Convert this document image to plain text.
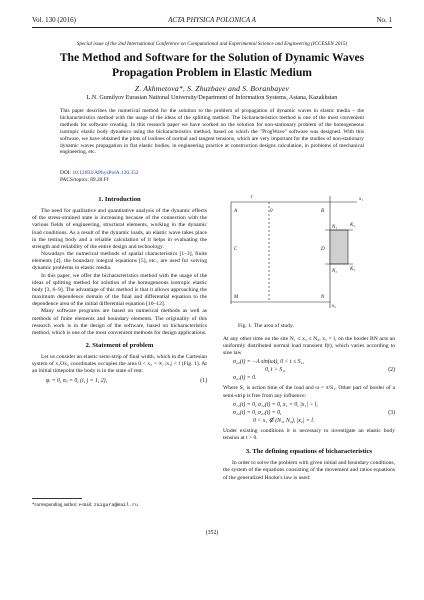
Vol. 130 (2016)	ACTA PHYSICA POLONICA A	No. 1
Special issue of the 2nd International Conference on Computational and Experimental Science and Engineering (ICCESEN 2015)
The Method and Software for the Solution of Dynamic Waves
Propagation Problem in Elastic Medium
Z. Akhmetova*, S. Zhuzbaev and S. Boranbayev
L.N. Gumilyov Eurasian National University/Department of Information Systems, Astana, Kazakhstan
This paper describes the numerical method for the solution to the problem of propagation of dynamic waves in elastic media – the bicharacteristics method with the usage of the ideas of the splitting method. The bicharacteristics method is one of the most convenient methods for software creating. In this research paper we have worked on the solution for non-stationary problem of the homogeneous isotropic elastic body dynamics using the bicharacteristics method, based on which the "ProgWave" software was designed. With this software, we have obtained the plots of isolines of normal and tangent tensions, which are very important for the studies of non-stationary dynamic waves propagation in flat elastic bodies, in engineering practice at construction designs calculation, in problems of mechanical engineering, etc.
DOI: 10.12693/APhysPolA.130.352
PACS/topics: 89.20.Ff
1. Introduction

The need for qualitative and quantitative analysis of the dynamic effects of the stress-strained state is increasing because of the connection with the various fields of engineering, structural elements, working in the dynamic load conditions. As a result of the dynamic loads, an elastic wave takes place in the testing body and a reliable calculation of it helps in evaluating the strength and reliability of the entire design and technology.

Nowadays the numerical methods of spatial characteristics [1–3], finite elements [4], the boundary integral equations [5], etc., are used for solving dynamic problems in elastic media.

In this paper, we offer the bicharacteristics method with the usage of the ideas of splitting method for solution of the homogeneous isotropic elastic body [3, 6–9]. The advantage of this method is that it allows approaching the maximum dependence domain of the final and differential equation to the dependence area of the initial differential equation [10–12].

Many software programs are based on numerical methods as well as methods of finite elements and boundary elements. The originality of this research work is in the design of the software, based on bicharacteristics method, which is one of the most convenient methods for design applications.

2. Statement of problem

Let us consider an elastic semi-strip of final width, which in the Cartesian system of x₁Ox₂ coordinates occupies the area 0 < x₂ < ∞, |x₁| < l (Fig. 1). At an initial timepoint the body is in the state of rest:

φᵢ = 0, σᵢⱼ = 0, (i, j = 1, 2),	(1)
*corresponding author; e-mail: zaigura@mail.ru
t	x₁
A	0	B
C	D
M	N
x₂
K₁
K₂
N₁
N₂
Fig. 1. The area of study.

At any other time on the site N₁ ≤ x₂ ≤ N₂, x₁ = l, on the border BN acts an uniformly distributed normal load transient f(t), which varies according to sine law

σ₂₂(t) = −A sin(ωt), 0 < t ≤ S₁,
0, t > S₁,
σ₂₁(t) = 0.
(2)

Where S₁ is action time of the load and ω = π/S₁. Other part of border of a semi-strip is free from any influence:

σ₁₁(t) = 0, σ₁₂(t) = 0, x₁ = 0, |x₁| > l,
σ₂₂(t) = 0, σ₂₁(t) = 0,
0 < x₁ ∉ (N₁, N₂), |x₂| = l.
(3)

Under existing conditions it is necessary to investigate an elastic body tension at t > 0.

3. The defining equations of bicharacteristics

In order to solve the problem with given initial and boundary conditions, the system of the equations consisting of the movement and ratios equations of the generalized Hooke's law is used:

(352)
